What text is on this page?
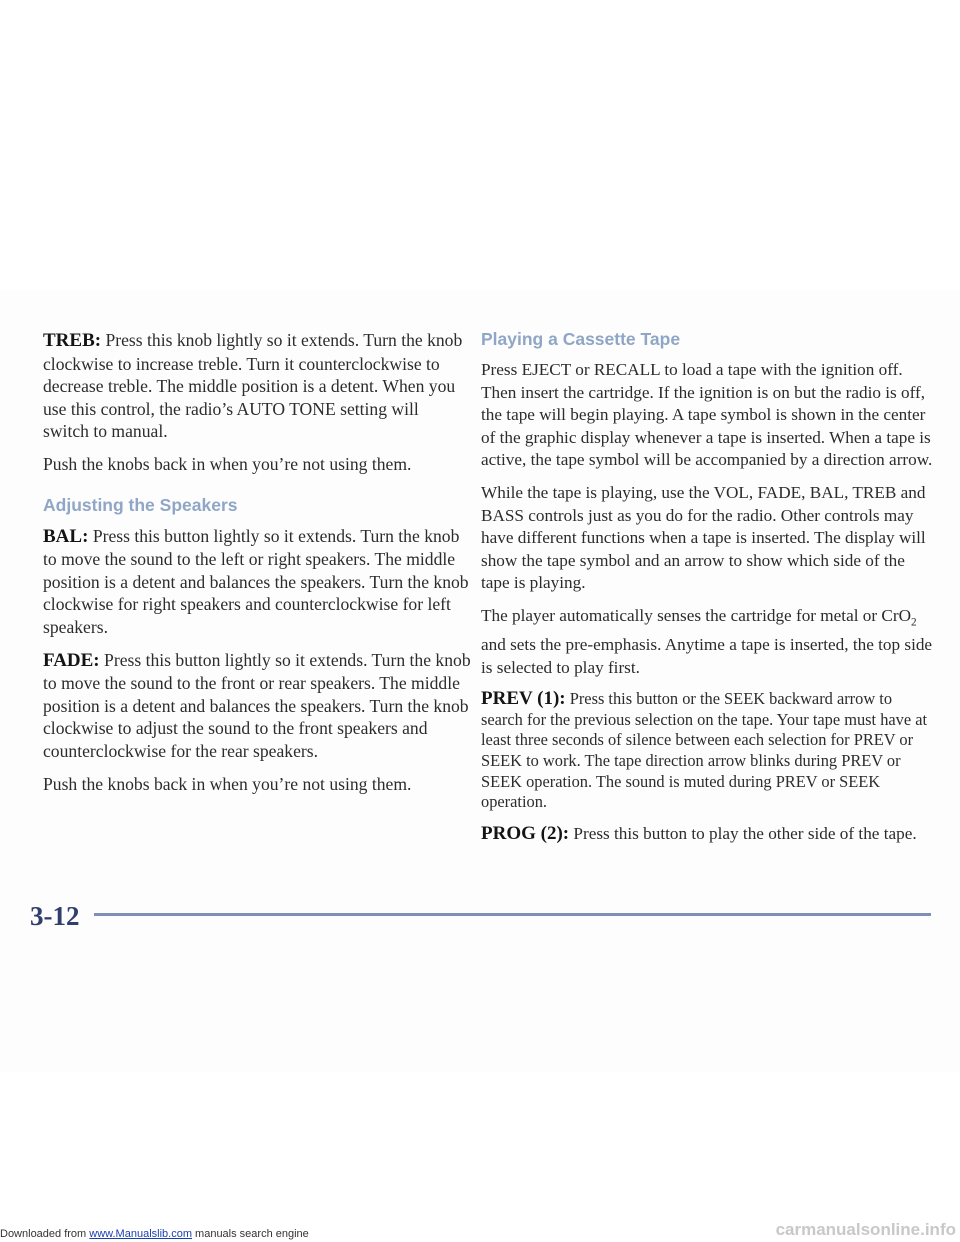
TREB: Press this knob lightly so it extends. Turn the knob clockwise to increase treble. Turn it counterclockwise to decrease treble. The middle position is a detent. When you use this control, the radio’s AUTO TONE setting will switch to manual.

Push the knobs back in when you’re not using them.

Adjusting the Speakers

BAL: Press this button lightly so it extends. Turn the knob to move the sound to the left or right speakers. The middle position is a detent and balances the speakers. Turn the knob clockwise for right speakers and counterclockwise for left speakers.

FADE: Press this button lightly so it extends. Turn the knob to move the sound to the front or rear speakers. The middle position is a detent and balances the speakers. Turn the knob clockwise to adjust the sound to the front speakers and counterclockwise for the rear speakers.

Push the knobs back in when you’re not using them.

Playing a Cassette Tape

Press EJECT or RECALL to load a tape with the ignition off. Then insert the cartridge. If the ignition is on but the radio is off, the tape will begin playing. A tape symbol is shown in the center of the graphic display whenever a tape is inserted. When a tape is active, the tape symbol will be accompanied by a direction arrow.

While the tape is playing, use the VOL, FADE, BAL, TREB and BASS controls just as you do for the radio. Other controls may have different functions when a tape is inserted. The display will show the tape symbol and an arrow to show which side of the tape is playing.

The player automatically senses the cartridge for metal or CrO$_2$ and sets the pre-emphasis. Anytime a tape is inserted, the top side is selected to play first.

PREV (1): Press this button or the SEEK backward arrow to search for the previous selection on the tape. Your tape must have at least three seconds of silence between each selection for PREV or SEEK to work. The tape direction arrow blinks during PREV or SEEK operation. The sound is muted during PREV or SEEK operation.

PROG (2): Press this button to play the other side of the tape.

3-12
Downloaded from www.Manualslib.com manuals search engine	carmanualsonline.info
